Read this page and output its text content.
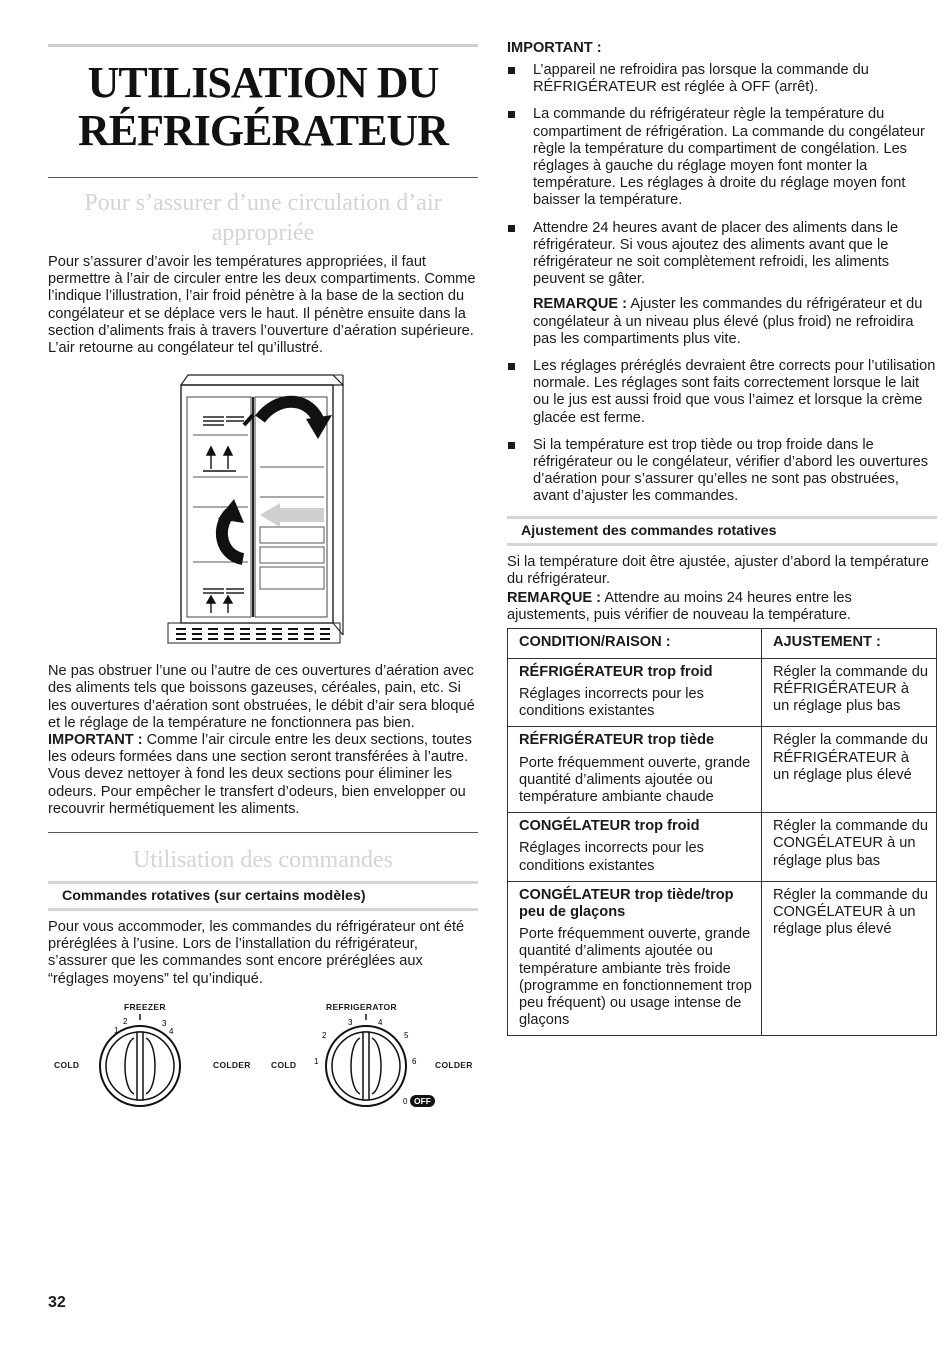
UTILISATION DU
RÉFRIGÉRATEUR
Pour s’assurer d’une circulation d’air appropriée

Pour s’assurer d’avoir les températures appropriées, il faut permettre à l’air de circuler entre les deux compartiments. Comme l’indique l’illustration, l’air froid pénètre à la base de la section du congélateur et se déplace vers le haut. Il pénètre ensuite dans la section d’aliments frais à travers l’ouverture d’aération supérieure. L’air retourne au congélateur tel qu’illustré.

Ne pas obstruer l’une ou l’autre de ces ouvertures d’aération avec des aliments tels que boissons gazeuses, céréales, pain, etc. Si les ouvertures d’aération sont obstruées, le débit d’air sera bloqué et le réglage de la température ne fonctionnera pas bien.

IMPORTANT : Comme l’air circule entre les deux sections, toutes les odeurs formées dans une section seront transférées à l’autre. Vous devez nettoyer à fond les deux sections pour éliminer les odeurs. Pour empêcher le transfert d’odeurs, bien envelopper ou recouvrir hermétiquement les aliments.

Utilisation des commandes
Commandes rotatives (sur certains modèles)

Pour vous accommoder, les commandes du réfrigérateur ont été préréglées à l’usine. Lors de l’installation du réfrigérateur, s’assurer que les commandes sont encore préréglées aux “réglages moyens” tel qu’indiqué.

FREEZER	REFRIGERATOR
COLD	COLDER COLD	COLDER
1
2	3
4
1
2
3	4
5
6
0 OFF
IMPORTANT :
L’appareil ne refroidira pas lorsque la commande du RÉFRIGÉRATEUR est réglée à OFF (arrêt).
La commande du réfrigérateur règle la température du compartiment de réfrigération. La commande du congélateur règle la température du compartiment de congélation. Les réglages à gauche du réglage moyen font monter la température. Les réglages à droite du réglage moyen font baisser la température.
Attendre 24 heures avant de placer des aliments dans le réfrigérateur. Si vous ajoutez des aliments avant que le réfrigérateur ne soit complètement refroidi, les aliments peuvent se gâter.

REMARQUE : Ajuster les commandes du réfrigérateur et du congélateur à un niveau plus élevé (plus froid) ne refroidira pas les compartiments plus vite.

Les réglages préréglés devraient être corrects pour l’utilisation normale. Les réglages sont faits correctement lorsque le lait ou le jus est aussi froid que vous l’aimez et lorsque la crème glacée est ferme.
Si la température est trop tiède ou trop froide dans le réfrigérateur ou le congélateur, vérifier d’abord les ouvertures d’aération pour s’assurer qu’elles ne sont pas obstruées, avant d’ajuster les commandes.
Ajustement des commandes rotatives

Si la température doit être ajustée, ajuster d’abord la température du réfrigérateur.

REMARQUE : Attendre au moins 24 heures entre les ajustements, puis vérifier de nouveau la température.

CONDITION/RAISON :	AJUSTEMENT :

RÉFRIGÉRATEUR trop froid
Réglages incorrects pour les conditions existantes	Régler la commande du RÉFRIGÉRATEUR à un réglage plus bas

RÉFRIGÉRATEUR trop tiède
Porte fréquemment ouverte, grande quantité d’aliments ajoutée ou température ambiante chaude	Régler la commande du RÉFRIGÉRATEUR à un réglage plus élevé

CONGÉLATEUR trop froid
Réglages incorrects pour les conditions existantes	Régler la commande du CONGÉLATEUR à un réglage plus bas

CONGÉLATEUR trop tiède/trop peu de glaçons
Porte fréquemment ouverte, grande quantité d’aliments ajoutée ou température ambiante très froide (programme en fonctionnement trop peu fréquent) ou usage intense de glaçons	Régler la commande du CONGÉLATEUR à un réglage plus élevé
32
